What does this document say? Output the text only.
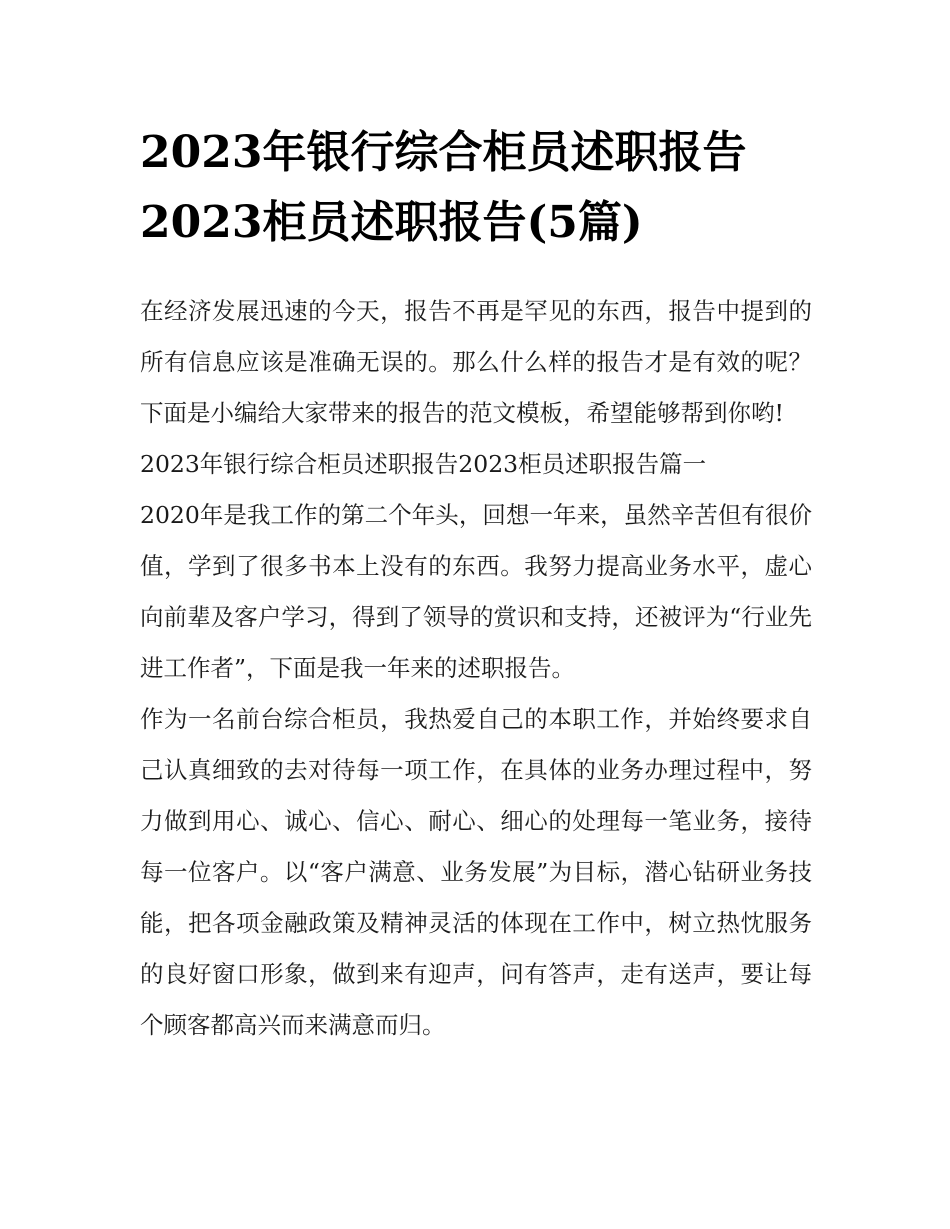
2023年银行综合柜员述职报告
2023柜员述职报告(5篇)

在经济发展迅速的今天，报告不再是罕见的东西，报告中提到的所有信息应该是准确无误的。那么什么样的报告才是有效的呢？下面是小编给大家带来的报告的范文模板，希望能够帮到你哟!

2023年银行综合柜员述职报告2023柜员述职报告篇一

2020年是我工作的第二个年头，回想一年来，虽然辛苦但有很价值，学到了很多书本上没有的东西。我努力提高业务水平，虚心向前辈及客户学习，得到了领导的赏识和支持，还被评为“行业先进工作者”，下面是我一年来的述职报告。

作为一名前台综合柜员，我热爱自己的本职工作，并始终要求自己认真细致的去对待每一项工作，在具体的业务办理过程中，努力做到用心、诚心、信心、耐心、细心的处理每一笔业务，接待每一位客户。以“客户满意、业务发展”为目标，潜心钻研业务技能，把各项金融政策及精神灵活的体现在工作中，树立热忱服务的良好窗口形象，做到来有迎声，问有答声，走有送声，要让每个顾客都高兴而来满意而归。
